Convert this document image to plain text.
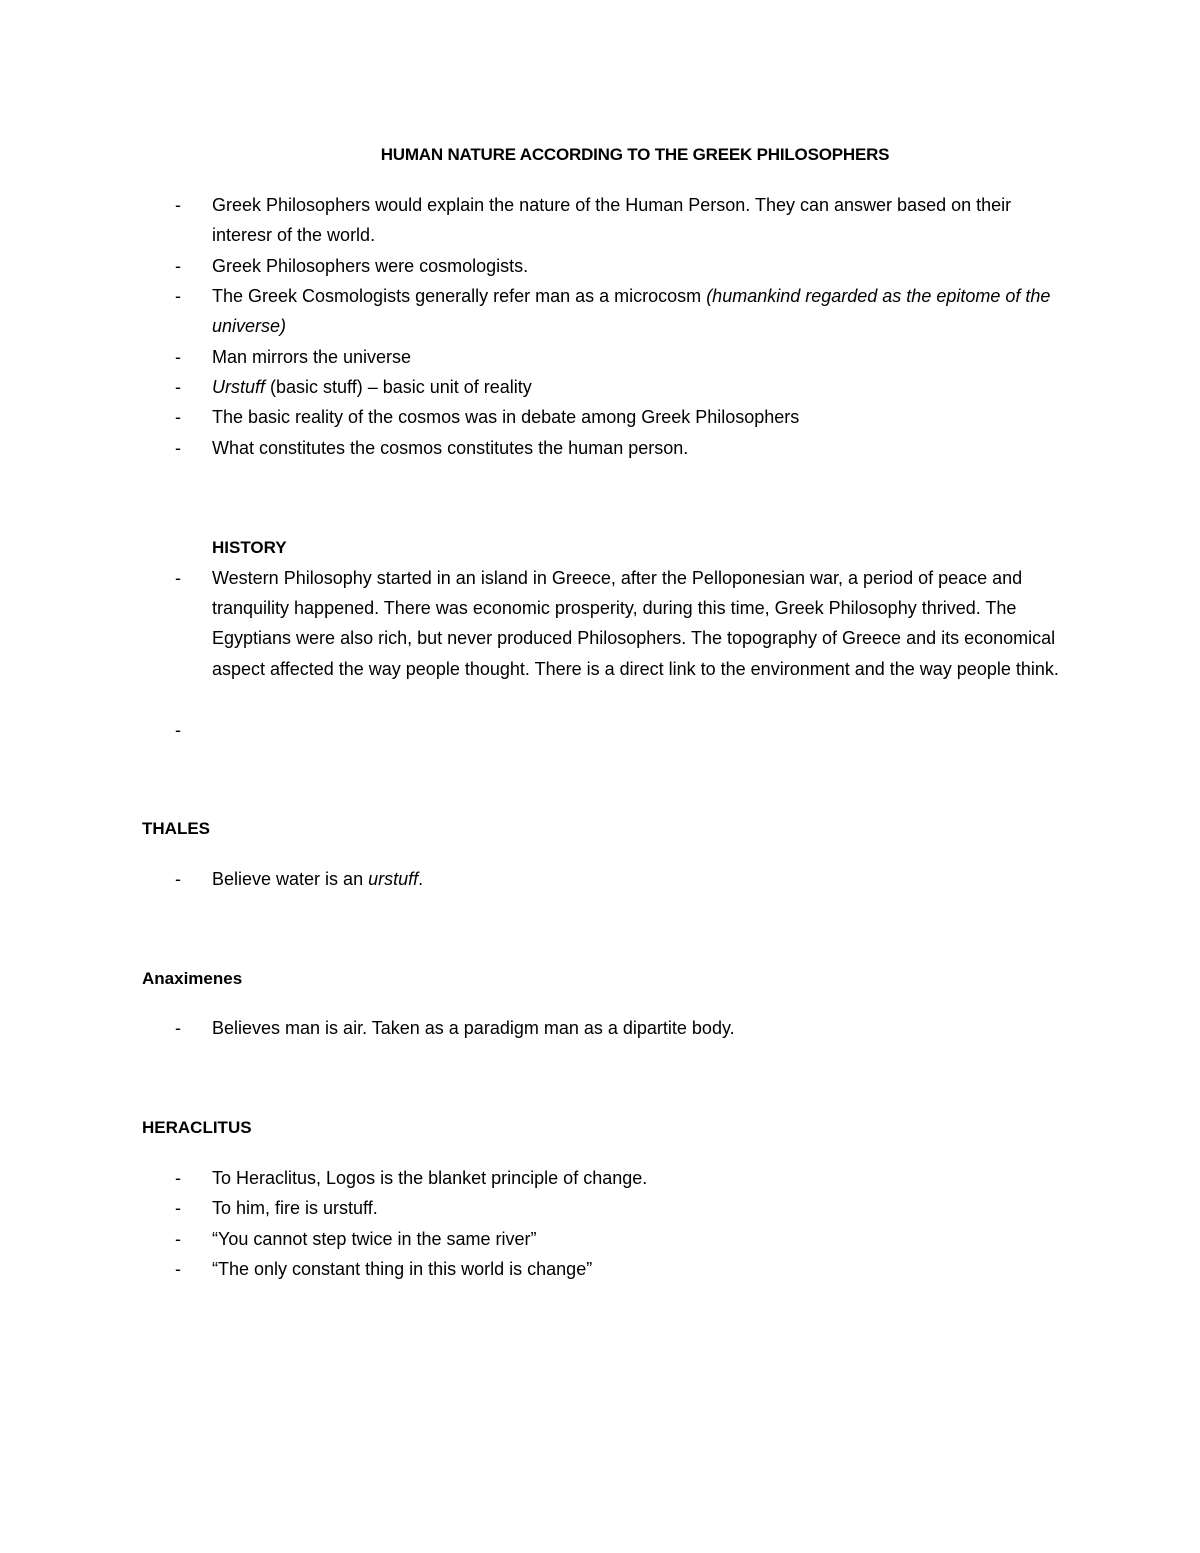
HUMAN NATURE ACCORDING TO THE GREEK PHILOSOPHERS
- Greek Philosophers would explain the nature of the Human Person. They can answer based on their interesr of the world.
- Greek Philosophers were cosmologists.
- The Greek Cosmologists generally refer man as a microcosm (humankind regarded as the epitome of the universe)
- Man mirrors the universe
- Urstuff (basic stuff) – basic unit of reality
- The basic reality of the cosmos was in debate among Greek Philosophers
- What constitutes the cosmos constitutes the human person.
HISTORY
- Western Philosophy started in an island in Greece, after the Pelloponesian war, a period of peace and tranquility happened. There was economic prosperity, during this time, Greek Philosophy thrived. The Egyptians were also rich, but never produced Philosophers. The topography of Greece and its economical aspect affected the way people thought. There is a direct link to the environment and the way people think.
-
THALES
- Believe water is an urstuff.
Anaximenes
- Believes man is air. Taken as a paradigm man as a dipartite body.
HERACLITUS
- To Heraclitus, Logos is the blanket principle of change.
- To him, fire is urstuff.
- “You cannot step twice in the same river”
- “The only constant thing in this world is change”
